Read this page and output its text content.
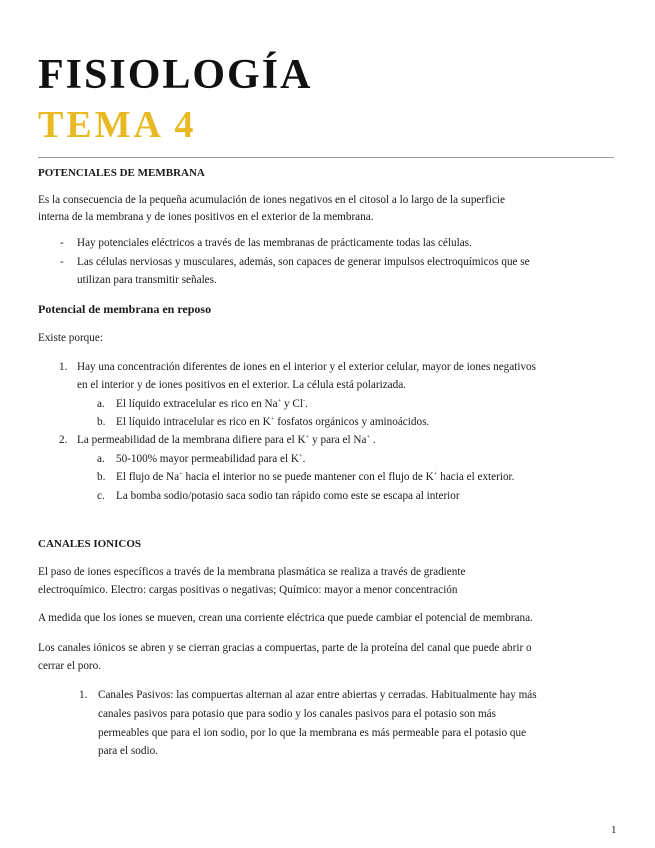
FISIOLOGÍA
TEMA 4
POTENCIALES DE MEMBRANA
Es la consecuencia de la pequeña acumulación de iones negativos en el citosol a lo largo de la superficie
interna de la membrana y de iones positivos en el exterior de la membrana.
- Hay potenciales eléctricos a través de las membranas de prácticamente todas las células.
- Las células nerviosas y musculares, además, son capaces de generar impulsos electroquímicos que se
utilizan para transmitir señales.
Potencial de membrana en reposo
Existe porque:
1. Hay una concentración diferentes de iones en el interior y el exterior celular, mayor de iones negativos
en el interior y de iones positivos en el exterior. La célula está polarizada.
a. El líquido extracelular es rico en Na+ y Cl-.
b. El líquido intracelular es rico en K+ fosfatos orgánicos y aminoácidos.
2. La permeabilidad de la membrana difiere para el K+ y para el Na+ .
a. 50-100% mayor permeabilidad para el K+.
b. El flujo de Na+ hacia el interior no se puede mantener con el flujo de K+ hacia el exterior.
c. La bomba sodio/potasio saca sodio tan rápido como este se escapa al interior
CANALES IONICOS
El paso de iones específicos a través de la membrana plasmática se realiza a través de gradiente
electroquímico. Electro: cargas positivas o negativas; Químico: mayor a menor concentración
A medida que los iones se mueven, crean una corriente eléctrica que puede cambiar el potencial de membrana.
Los canales iónicos se abren y se cierran gracias a compuertas, parte de la proteína del canal que puede abrir o
cerrar el poro.
1. Canales Pasivos: las compuertas alternan al azar entre abiertas y cerradas. Habitualmente hay más
canales pasivos para potasio que para sodio y los canales pasivos para el potasio son más
permeables que para el ion sodio, por lo que la membrana es más permeable para el potasio que
para el sodio.
1
